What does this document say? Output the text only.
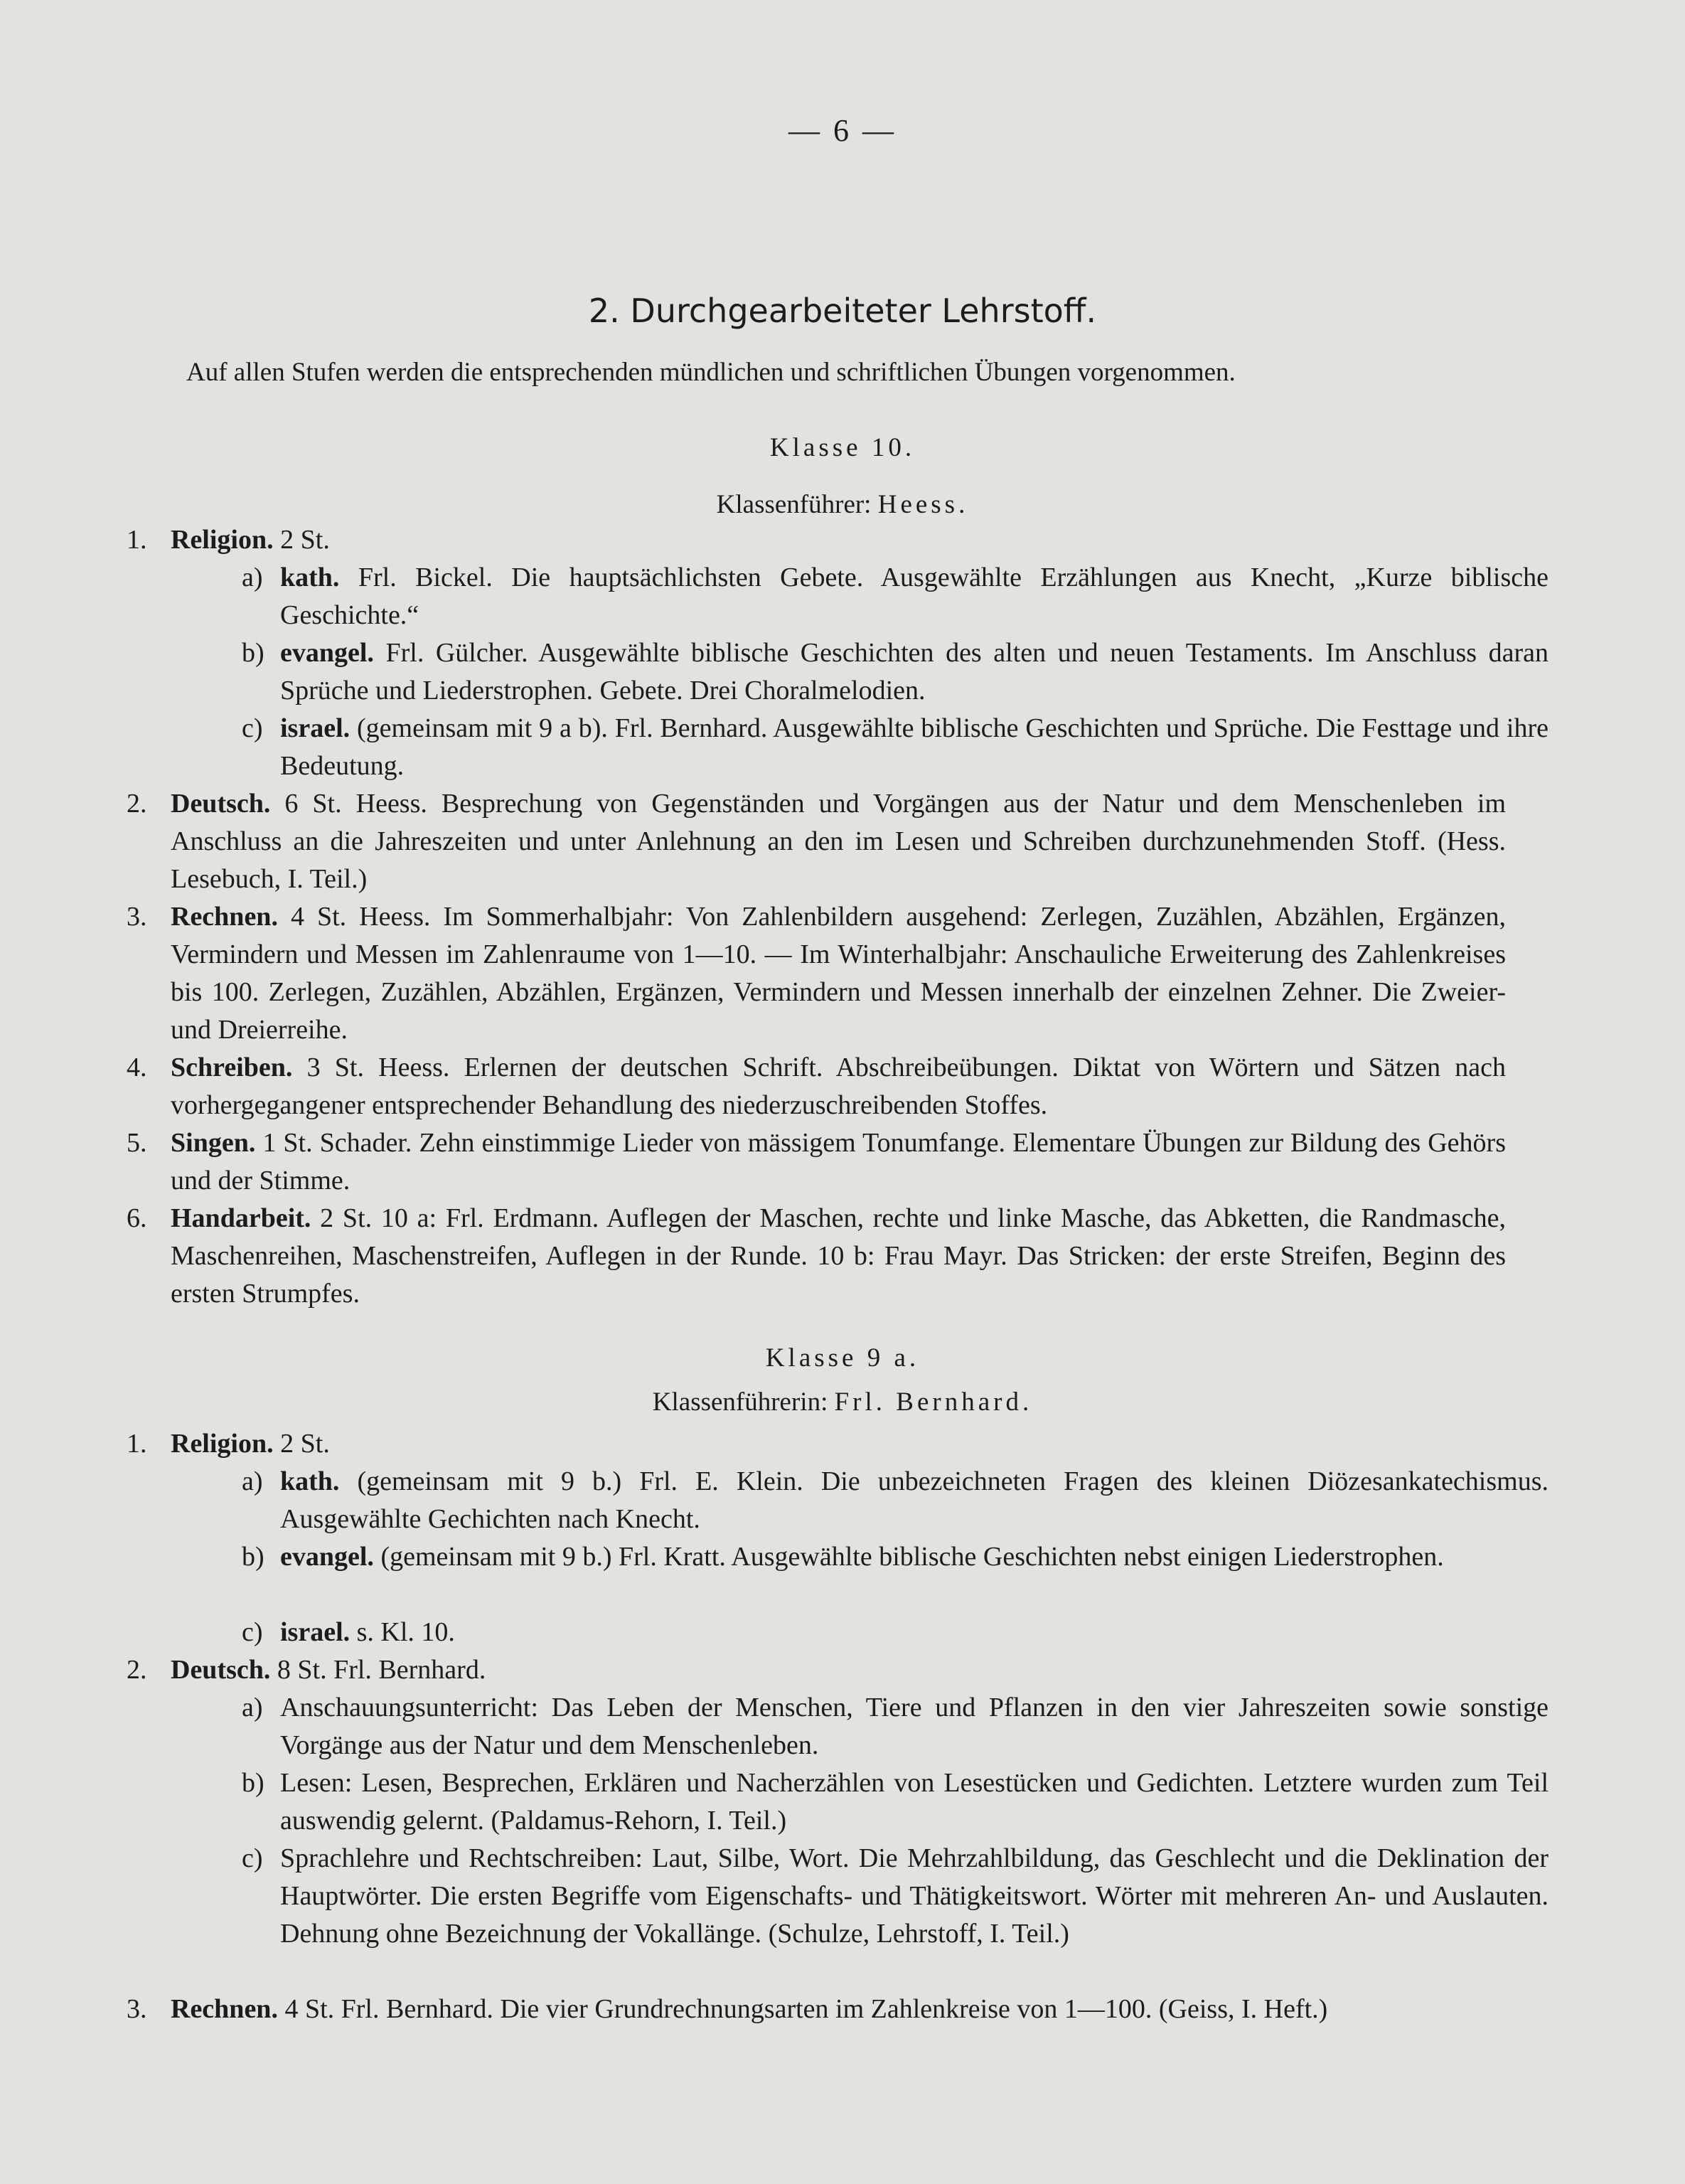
— 6 —
2. Durchgearbeiteter Lehrstoff.
Auf allen Stufen werden die entsprechenden mündlichen und schriftlichen Übungen vorgenommen.
Klasse 10.
Klassenführer: Heess.
1. Religion. 2 St.
a) kath. Frl. Bickel. Die hauptsächlichsten Gebete. Ausgewählte Erzählungen aus Knecht, „Kurze biblische Geschichte.“
b) evangel. Frl. Gülcher. Ausgewählte biblische Geschichten des alten und neuen Testaments. Im Anschluss daran Sprüche und Liederstrophen. Gebete. Drei Choralmelodien.
c) israel. (gemeinsam mit 9 a b). Frl. Bernhard. Ausgewählte biblische Geschichten und Sprüche. Die Festtage und ihre Bedeutung.
2. Deutsch. 6 St. Heess. Besprechung von Gegenständen und Vorgängen aus der Natur und dem Menschenleben im Anschluss an die Jahreszeiten und unter Anlehnung an den im Lesen und Schreiben durchzunehmenden Stoff. (Hess. Lesebuch, I. Teil.)
3. Rechnen. 4 St. Heess. Im Sommerhalbjahr: Von Zahlenbildern ausgehend: Zerlegen, Zuzählen, Abzählen, Ergänzen, Vermindern und Messen im Zahlenraume von 1—10. — Im Winterhalbjahr: Anschauliche Erweiterung des Zahlenkreises bis 100. Zerlegen, Zuzählen, Abzählen, Ergänzen, Vermindern und Messen innerhalb der einzelnen Zehner. Die Zweier- und Dreierreihe.
4. Schreiben. 3 St. Heess. Erlernen der deutschen Schrift. Abschreibeübungen. Diktat von Wörtern und Sätzen nach vorhergegangener entsprechender Behandlung des niederzuschreibenden Stoffes.
5. Singen. 1 St. Schader. Zehn einstimmige Lieder von mässigem Tonumfange. Elementare Übungen zur Bildung des Gehörs und der Stimme.
6. Handarbeit. 2 St. 10 a: Frl. Erdmann. Auflegen der Maschen, rechte und linke Masche, das Abketten, die Randmasche, Maschenreihen, Maschenstreifen, Auflegen in der Runde. 10 b: Frau Mayr. Das Stricken: der erste Streifen, Beginn des ersten Strumpfes.
Klasse 9 a.
Klassenführerin: Frl. Bernhard.
1. Religion. 2 St.
a) kath. (gemeinsam mit 9 b.) Frl. E. Klein. Die unbezeichneten Fragen des kleinen Diözesankatechismus. Ausgewählte Gechichten nach Knecht.
b) evangel. (gemeinsam mit 9 b.) Frl. Kratt. Ausgewählte biblische Geschichten nebst einigen Liederstrophen.
c) israel. s. Kl. 10.
2. Deutsch. 8 St. Frl. Bernhard.
a) Anschauungsunterricht: Das Leben der Menschen, Tiere und Pflanzen in den vier Jahreszeiten sowie sonstige Vorgänge aus der Natur und dem Menschenleben.
b) Lesen: Lesen, Besprechen, Erklären und Nacherzählen von Lesestücken und Gedichten. Letztere wurden zum Teil auswendig gelernt. (Paldamus-Rehorn, I. Teil.)
c) Sprachlehre und Rechtschreiben: Laut, Silbe, Wort. Die Mehrzahlbildung, das Geschlecht und die Deklination der Hauptwörter. Die ersten Begriffe vom Eigenschafts- und Thätigkeitswort. Wörter mit mehreren An- und Auslauten. Dehnung ohne Bezeichnung der Vokallänge. (Schulze, Lehrstoff, I. Teil.)
3. Rechnen. 4 St. Frl. Bernhard. Die vier Grundrechnungsarten im Zahlenkreise von 1—100. (Geiss, I. Heft.)
